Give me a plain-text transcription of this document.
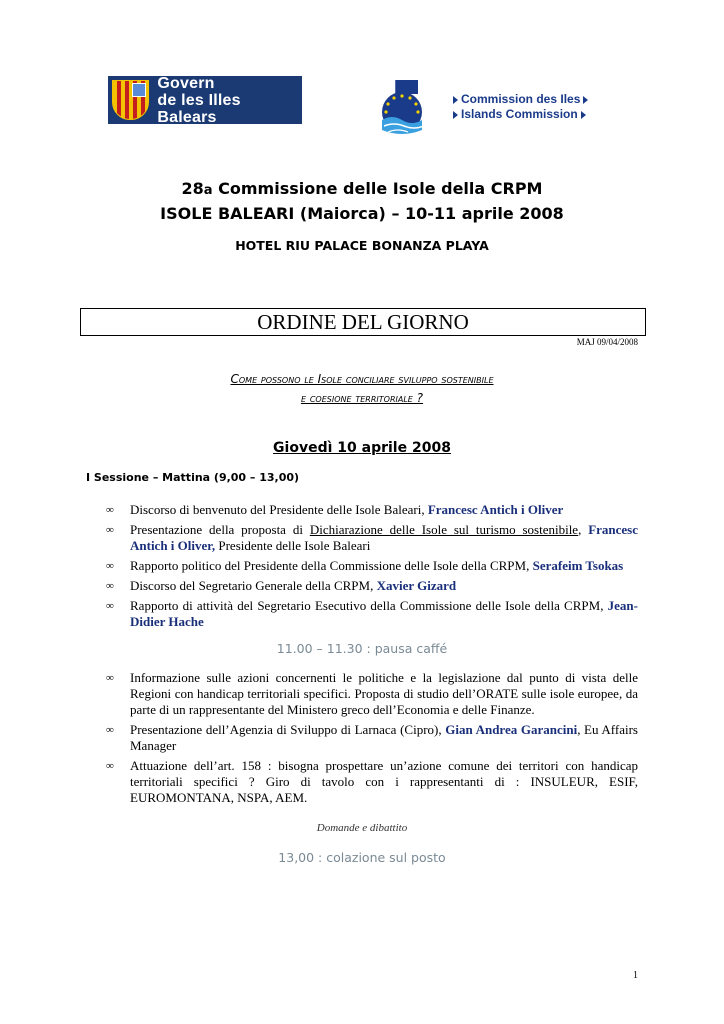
Govern
de les Illes Balears
Commission des Iles
Islands Commission
28a Commissione delle Isole della CRPM
ISOLE BALEARI (Maiorca) – 10-11 aprile 2008
HOTEL RIU PALACE BONANZA PLAYA
ORDINE DEL GIORNO
MAJ 09/04/2008
Come possono le Isole conciliare sviluppo sostenibile
e coesione territoriale ?
Giovedì 10 aprile 2008
I Sessione – Mattina (9,00 – 13,00)
∞ Discorso di benvenuto del Presidente delle Isole Baleari, Francesc Antich i Oliver
∞ Presentazione della proposta di Dichiarazione delle Isole sul turismo sostenibile, Francesc Antich i Oliver, Presidente delle Isole Baleari
∞ Rapporto politico del Presidente della Commissione delle Isole della CRPM, Serafeim Tsokas
∞ Discorso del Segretario Generale della CRPM, Xavier Gizard
∞ Rapporto di attività del Segretario Esecutivo della Commissione delle Isole della CRPM, Jean-Didier Hache
11.00 – 11.30 : pausa caffé
∞ Informazione sulle azioni concernenti le politiche e la legislazione dal punto di vista delle Regioni con handicap territoriali specifici. Proposta di studio dell’ORATE sulle isole europee, da parte di un rappresentante del Ministero greco dell’Economia e delle Finanze.
∞ Presentazione dell’Agenzia di Sviluppo di Larnaca (Cipro), Gian Andrea Garancini, Eu Affairs Manager
∞ Attuazione dell’art. 158 : bisogna prospettare un’azione comune dei territori con handicap territoriali specifici ? Giro di tavolo con i rappresentanti di : INSULEUR, ESIF, EUROMONTANA, NSPA, AEM.
Domande e dibattito
13,00 : colazione sul posto
1
